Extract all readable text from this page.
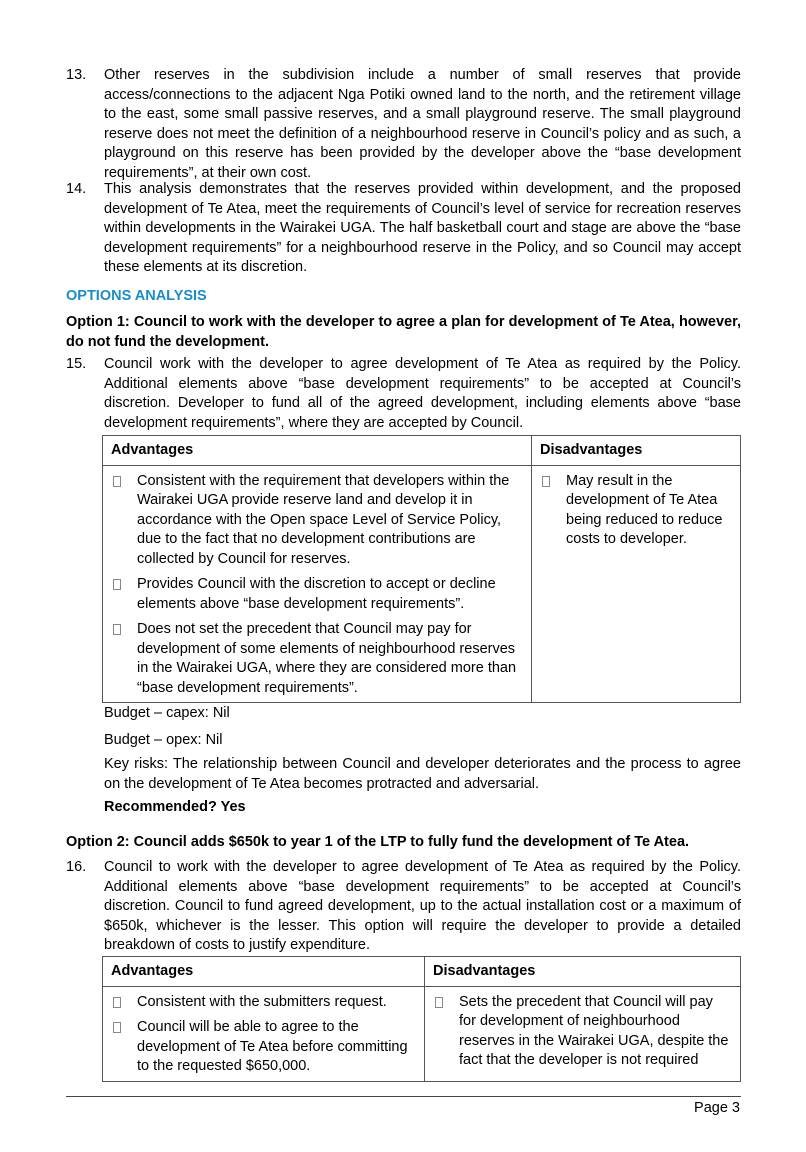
13.	Other reserves in the subdivision include a number of small reserves that provide access/connections to the adjacent Nga Potiki owned land to the north, and the retirement village to the east, some small passive reserves, and a small playground reserve. The small playground reserve does not meet the definition of a neighbourhood reserve in Council’s policy and as such, a playground on this reserve has been provided by the developer above the “base development requirements”, at their own cost.
14.	This analysis demonstrates that the reserves provided within development, and the proposed development of Te Atea, meet the requirements of Council’s level of service for recreation reserves within developments in the Wairakei UGA. The half basketball court and stage are above the “base development requirements” for a neighbourhood reserve in the Policy, and so Council may accept these elements at its discretion.
OPTIONS ANALYSIS
Option 1: Council to work with the developer to agree a plan for development of Te Atea, however, do not fund the development.
15.	Council work with the developer to agree development of Te Atea as required by the Policy. Additional elements above “base development requirements” to be accepted at Council’s discretion. Developer to fund all of the agreed development, including elements above “base development requirements”, where they are accepted by Council.
Advantages	Disadvantages

Consistent with the requirement that developers within the Wairakei UGA provide reserve land and develop it in accordance with the Open space Level of Service Policy, due to the fact that no development contributions are collected by Council for reserves.
Provides Council with the discretion to accept or decline elements above “base development requirements”.
Does not set the precedent that Council may pay for development of some elements of neighbourhood reserves in the Wairakei UGA, where they are considered more than “base development requirements”.	May result in the development of Te Atea being reduced to reduce costs to developer.
Budget – capex: Nil
Budget – opex: Nil
Key risks: The relationship between Council and developer deteriorates and the process to agree on the development of Te Atea becomes protracted and adversarial.
Recommended? Yes
Option 2: Council adds $650k to year 1 of the LTP to fully fund the development of Te Atea.
16.	Council to work with the developer to agree development of Te Atea as required by the Policy. Additional elements above “base development requirements” to be accepted at Council’s discretion. Council to fund agreed development, up to the actual installation cost or a maximum of $650k, whichever is the lesser. This option will require the developer to provide a detailed breakdown of costs to justify expenditure.
Advantages	Disadvantages

Consistent with the submitters request.
Council will be able to agree to the development of Te Atea before committing to the requested $650,000.	Sets the precedent that Council will pay for development of neighbourhood reserves in the Wairakei UGA, despite the fact that the developer is not required
Page 3
